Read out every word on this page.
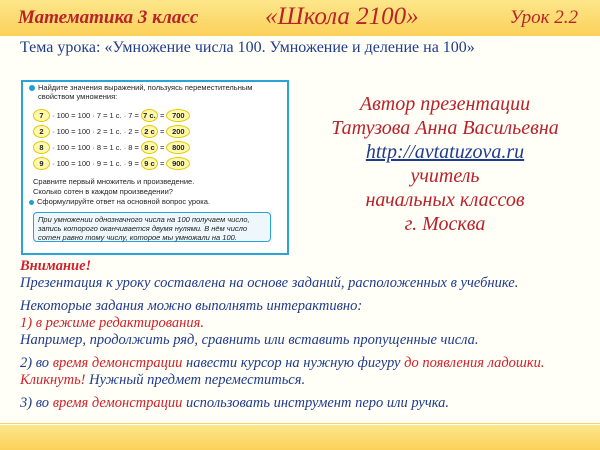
Математика 3 класс	«Школа 2100»	Урок 2.2
Тема урока: «Умножение числа 100. Умножение и деление на 100»
Найдите значения выражений, пользуясь переместительным свойством умножения:
7 · 100 = 100 · 7 = 1 с. · 7 = 7 с. = 700
2 · 100 = 100 · 2 = 1 с. · 2 = 2 с = 200
8 · 100 = 100 · 8 = 1 с. · 8 = 8 с = 800
9 · 100 = 100 · 9 = 1 с. · 9 = 9 с = 900
Сравните первый множитель и произведение.
Сколько сотен в каждом произведении?
Сформулируйте ответ на основной вопрос урока.
При умножении однозначного числа на 100 получаем число, запись которого оканчивается двумя нулями. В нём число сотен равно тому числу, которое мы умножали на 100.
Автор презентации
Татузова Анна Васильевна
http://avtatuzova.ru
учитель
начальных классов
г. Москва

Внимание!

Презентация к уроку составлена на основе заданий, расположенных в учебнике.

Некоторые задания можно выполнять интерактивно:

1) в режиме редактирования.

Например, продолжить ряд, сравнить или вставить пропущенные числа.

2) во время демонстрации навести курсор на нужную фигуру до появления ладошки.

Кликнуть! Нужный предмет переместиться.

3) во время демонстрации использовать инструмент перо или ручка.
